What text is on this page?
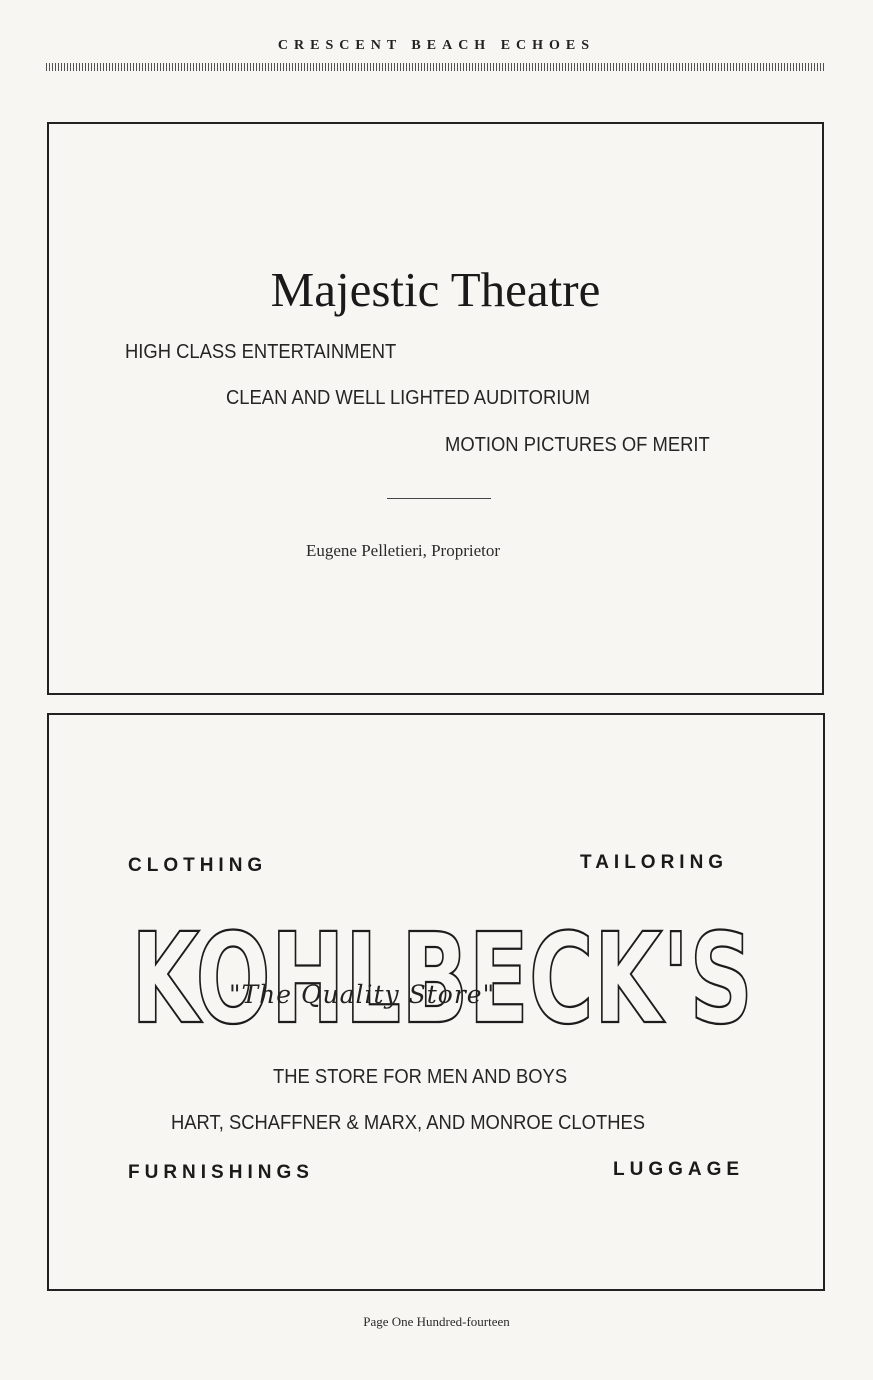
CRESCENT BEACH ECHOES
Majestic Theatre
HIGH CLASS ENTERTAINMENT
CLEAN AND WELL LIGHTED AUDITORIUM
MOTION PICTURES OF MERIT
Eugene Pelletieri, Proprietor
CLOTHING	TAILORING
KOHLBECK'S
"The Quality Store"
THE STORE FOR MEN AND BOYS
HART, SCHAFFNER & MARX, AND MONROE CLOTHES
FURNISHINGS	LUGGAGE
Page One Hundred-fourteen
